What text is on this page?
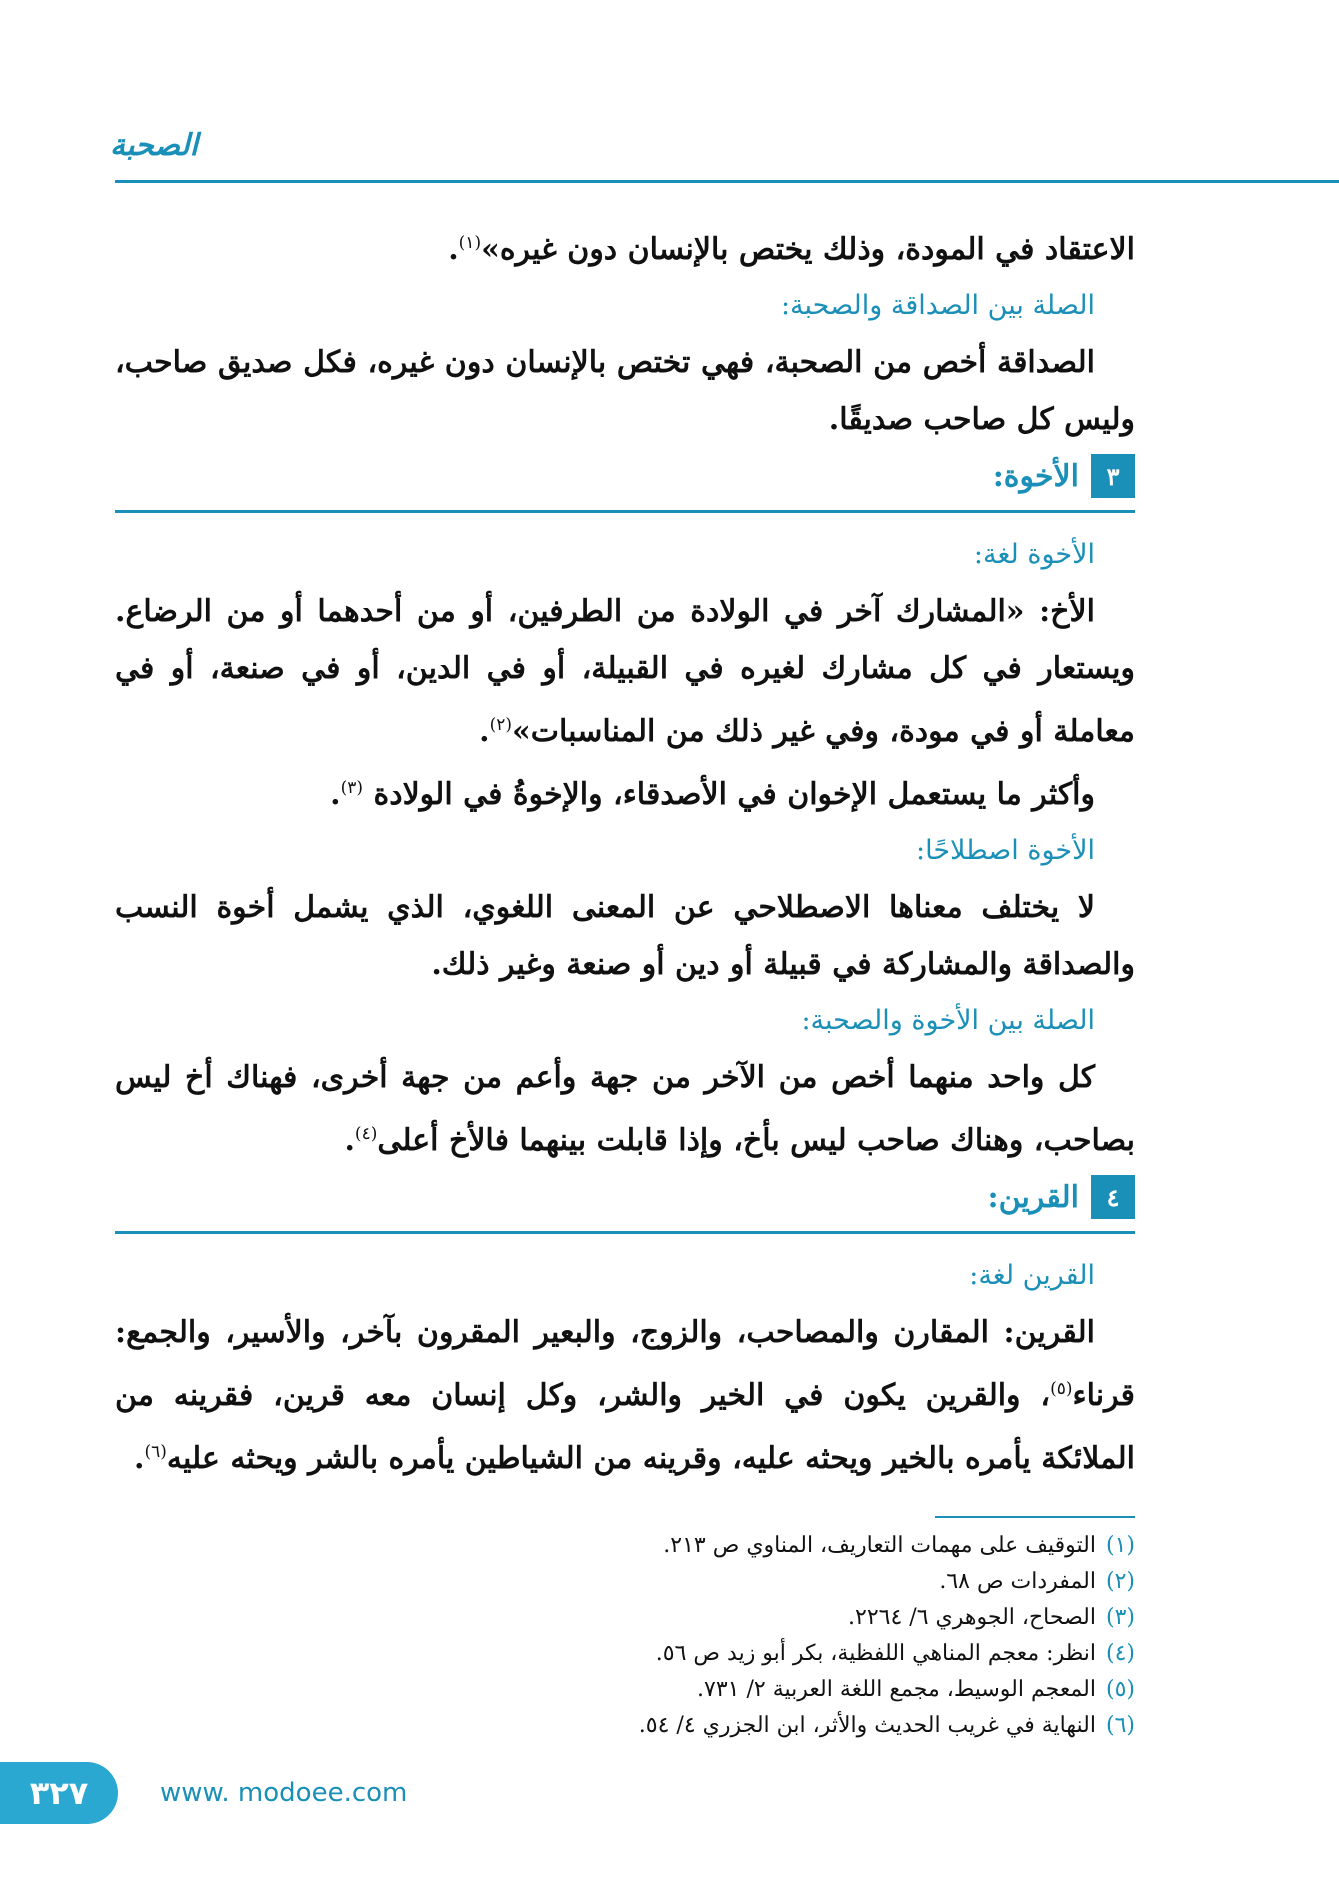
الصحبة

الاعتقاد في المودة، وذلك يختص بالإنسان دون غيره»$^{(١)}$.

الصلة بين الصداقة والصحبة:

الصداقة أخص من الصحبة، فهي تختص بالإنسان دون غيره، فكل صديق صاحب، وليس كل صاحب صديقًا.

٣
الأخوة:

الأخوة لغة:

الأخ: «المشارك آخر في الولادة من الطرفين، أو من أحدهما أو من الرضاع. ويستعار في كل مشارك لغيره في القبيلة، أو في الدين، أو في صنعة، أو في معاملة أو في مودة، وفي غير ذلك من المناسبات»$^{(٢)}$.

وأكثر ما يستعمل الإخوان في الأصدقاء، والإخوةُ في الولادة $^{(٣)}$.

الأخوة اصطلاحًا:

لا يختلف معناها الاصطلاحي عن المعنى اللغوي، الذي يشمل أخوة النسب والصداقة والمشاركة في قبيلة أو دين أو صنعة وغير ذلك.

الصلة بين الأخوة والصحبة:

كل واحد منهما أخص من الآخر من جهة وأعم من جهة أخرى، فهناك أخ ليس بصاحب، وهناك صاحب ليس بأخ، وإذا قابلت بينهما فالأخ أعلى$^{(٤)}$.

٤
القرين:

القرين لغة:

القرين: المقارن والمصاحب، والزوج، والبعير المقرون بآخر، والأسير، والجمع: قرناء$^{(٥)}$، والقرين يكون في الخير والشر، وكل إنسان معه قرين، فقرينه من الملائكة يأمره بالخير ويحثه عليه، وقرينه من الشياطين يأمره بالشر ويحثه عليه$^{(٦)}$.

(١)التوقيف على مهمات التعاريف، المناوي ص ٢١٣.

(٢)المفردات ص ٦٨.

(٣)الصحاح، الجوهري ٦/ ٢٢٦٤.

(٤)انظر: معجم المناهي اللفظية، بكر أبو زيد ص ٥٦.

(٥)المعجم الوسيط، مجمع اللغة العربية ٢/ ٧٣١.

(٦)النهاية في غريب الحديث والأثر، ابن الجزري ٤/ ٥٤.

٣٢٧	www. modoee.com
